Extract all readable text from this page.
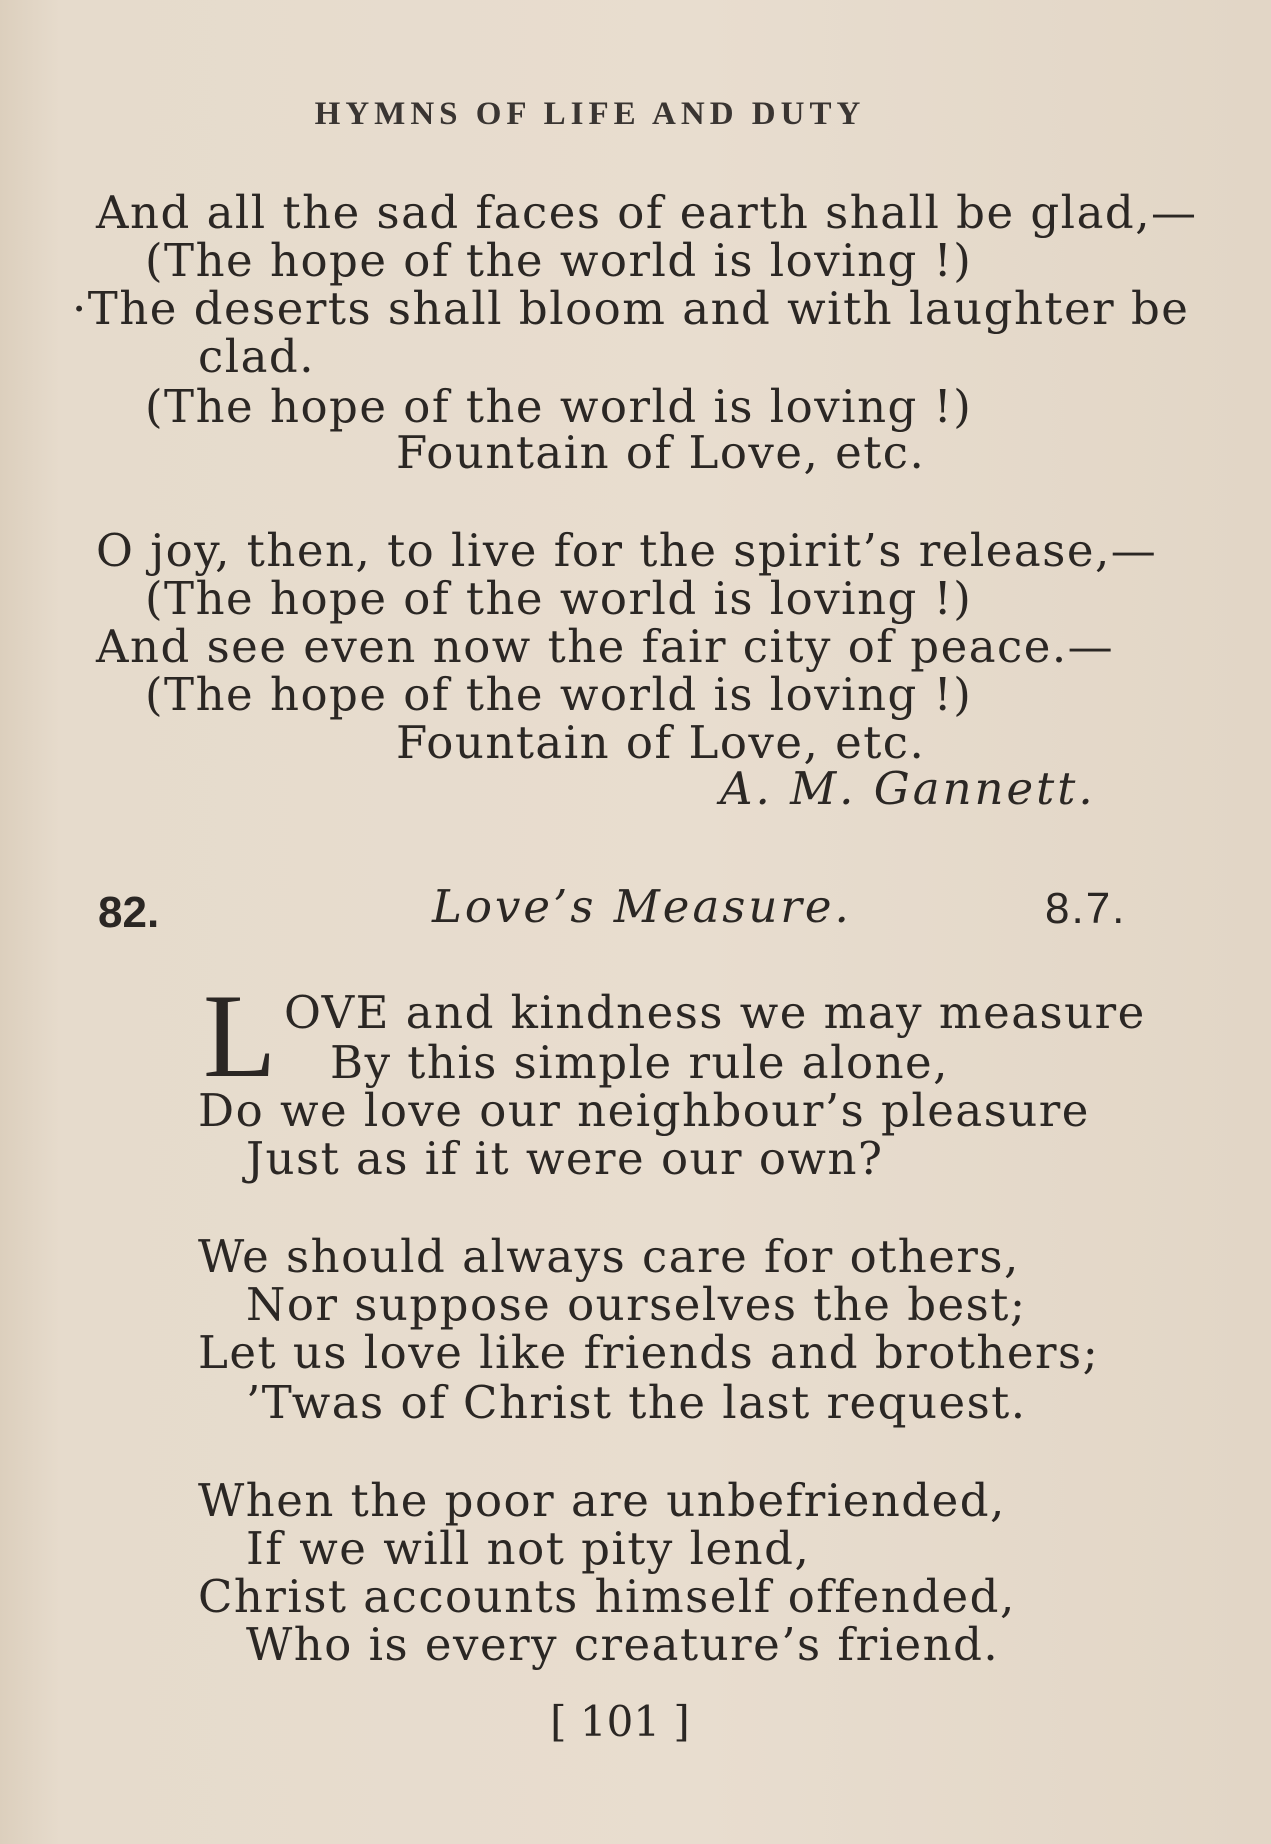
HYMNS OF LIFE AND DUTY
And all the sad faces of earth shall be glad,—
(The hope of the world is loving !)
·The deserts shall bloom and with laughter be
clad.
(The hope of the world is loving !)
Fountain of Love, etc.
O joy, then, to live for the spirit’s release,—
(The hope of the world is loving !)
And see even now the fair city of peace.—
(The hope of the world is loving !)
Fountain of Love, etc.
A. M. Gannett.
82.	Love’s Measure.	8.7.
L OVE and kindness we may measure
By this simple rule alone,
Do we love our neighbour’s pleasure
Just as if it were our own?
We should always care for others,
Nor suppose ourselves the best;
Let us love like friends and brothers;
’Twas of Christ the last request.
When the poor are unbefriended,
If we will not pity lend,
Christ accounts himself offended,
Who is every creature’s friend.
[ 101 ]
